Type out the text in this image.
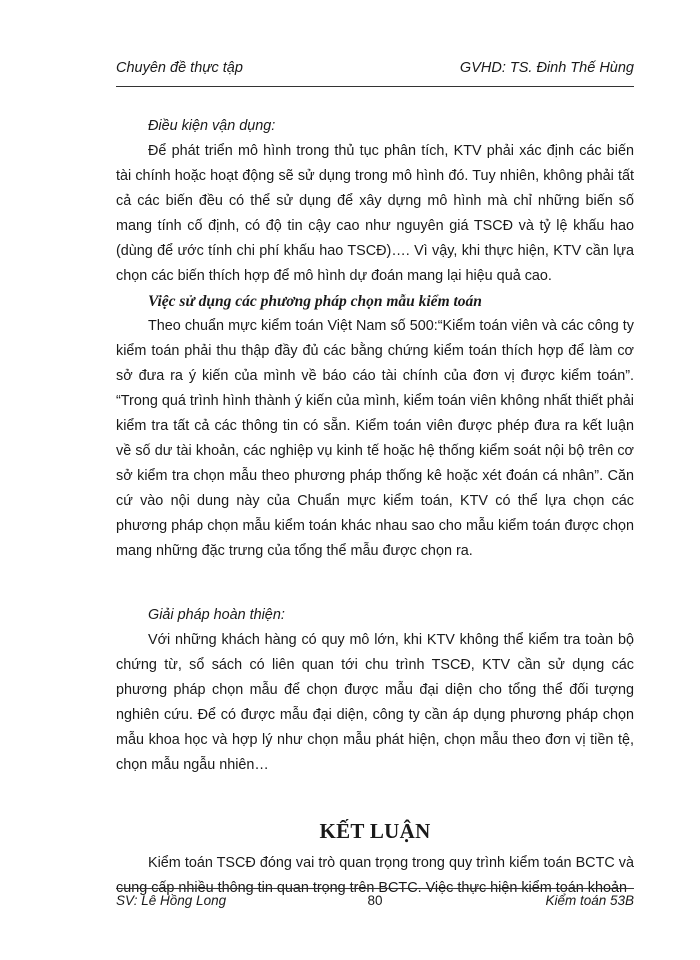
Chuyên đề thực tập	GVHD: TS. Đinh Thế Hùng

Điều kiện vận dụng:

Để phát triển mô hình trong thủ tục phân tích, KTV phải xác định các biến tài chính hoặc hoạt động sẽ sử dụng trong mô hình đó. Tuy nhiên, không phải tất cả các biến đều có thể sử dụng để xây dựng mô hình mà chỉ những biến số mang tính cố định, có độ tin cậy cao như nguyên giá TSCĐ và tỷ lệ khấu hao (dùng để ước tính chi phí khấu hao TSCĐ)…. Vì vậy, khi thực hiện, KTV cần lựa chọn các biến thích hợp để mô hình dự đoán mang lại hiệu quả cao.

Việc sử dụng các phương pháp chọn mẫu kiểm toán

Theo chuẩn mực kiểm toán Việt Nam số 500:“Kiểm toán viên và các công ty kiểm toán phải thu thập đầy đủ các bằng chứng kiểm toán thích hợp để làm cơ sở đưa ra ý kiến của mình về báo cáo tài chính của đơn vị được kiểm toán”. “Trong quá trình hình thành ý kiến của mình, kiểm toán viên không nhất thiết phải kiểm tra tất cả các thông tin có sẵn. Kiểm toán viên được phép đưa ra kết luận về số dư tài khoản, các nghiệp vụ kinh tế hoặc hệ thống kiểm soát nội bộ trên cơ sở kiểm tra chọn mẫu theo phương pháp thống kê hoặc xét đoán cá nhân”. Căn cứ vào nội dung này của Chuẩn mực kiểm toán, KTV có thể lựa chọn các phương pháp chọn mẫu kiểm toán khác nhau sao cho mẫu kiểm toán được chọn mang những đặc trưng của tổng thể mẫu được chọn ra.

Giải pháp hoàn thiện:

Với những khách hàng có quy mô lớn, khi KTV không thể kiểm tra toàn bộ chứng từ, sổ sách có liên quan tới chu trình TSCĐ, KTV cần sử dụng các phương pháp chọn mẫu để chọn được mẫu đại diện cho tổng thể đối tượng nghiên cứu. Để có được mẫu đại diện, công ty cần áp dụng phương pháp chọn mẫu khoa học và hợp lý như chọn mẫu phát hiện, chọn mẫu theo đơn vị tiền tệ, chọn mẫu ngẫu nhiên…

KẾT LUẬN

Kiểm toán TSCĐ đóng vai trò quan trọng trong quy trình kiểm toán BCTC và cung cấp nhiều thông tin quan trọng trên BCTC. Việc thực hiện kiểm toán khoản

SV: Lê Hồng Long	80	Kiểm toán 53B
